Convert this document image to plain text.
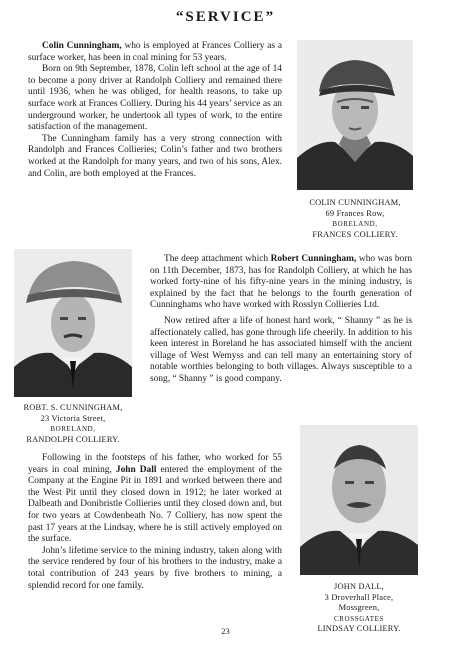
“SERVICE”

Colin Cunningham, who is employed at Frances Colliery as a surface worker, has been in coal mining for 53 years.

Born on 9th September, 1878, Colin left school at the age of 14 to become a pony driver at Randolph Colliery and remained there until 1936, when he was obliged, for health reasons, to take up surface work at Frances Colliery. During his 44 years’ service as an underground worker, he undertook all types of work, to the entire satisfaction of the management.

The Cunningham family has a very strong connection with Randolph and Frances Collieries; Colin’s father and two brothers worked at the Randolph for many years, and two of his sons, Alex. and Colin, are both employed at the Frances.

COLIN CUNNINGHAM,
69 Frances Row,
BORELAND,
FRANCES COLLIERY.
ROBT. S. CUNNINGHAM,
23 Victoria Street,
BORELAND,
RANDOLPH COLLIERY.

The deep attachment which Robert Cunningham, who was born on 11th December, 1873, has for Randolph Colliery, at which he has worked forty-nine of his fifty-nine years in the mining industry, is explained by the fact that he belongs to the fourth generation of Cunninghams who have worked with Rosslyn Collieries Ltd.

Now retired after a life of honest hard work, “ Shanny ” as he is affectionately called, has gone through life cheerily. In addition to his keen interest in Boreland he has associated himself with the ancient village of West Wemyss and can tell many an entertaining story of notable worthies belonging to both villages. Always susceptible to a song, “ Shanny ” is good company.

Following in the footsteps of his father, who worked for 55 years in coal mining, John Dall entered the employment of the Company at the Engine Pit in 1891 and worked between there and the West Pit until they closed down in 1912; he later worked at Dalbeath and Donibristle Collieries until they closed down and, but for two years at Cowdenbeath No. 7 Colliery, has now spent the past 17 years at the Lindsay, where he is still actively employed on the surface.

John’s lifetime service to the mining industry, taken along with the service rendered by four of his brothers to the industry, make a total contribution of 243 years by five brothers to mining, a splendid record for one family.	JOHN DALL,
3 Droverhall Place,
Mossgreen,
CROSSGATES
LINDSAY COLLIERY.
23
